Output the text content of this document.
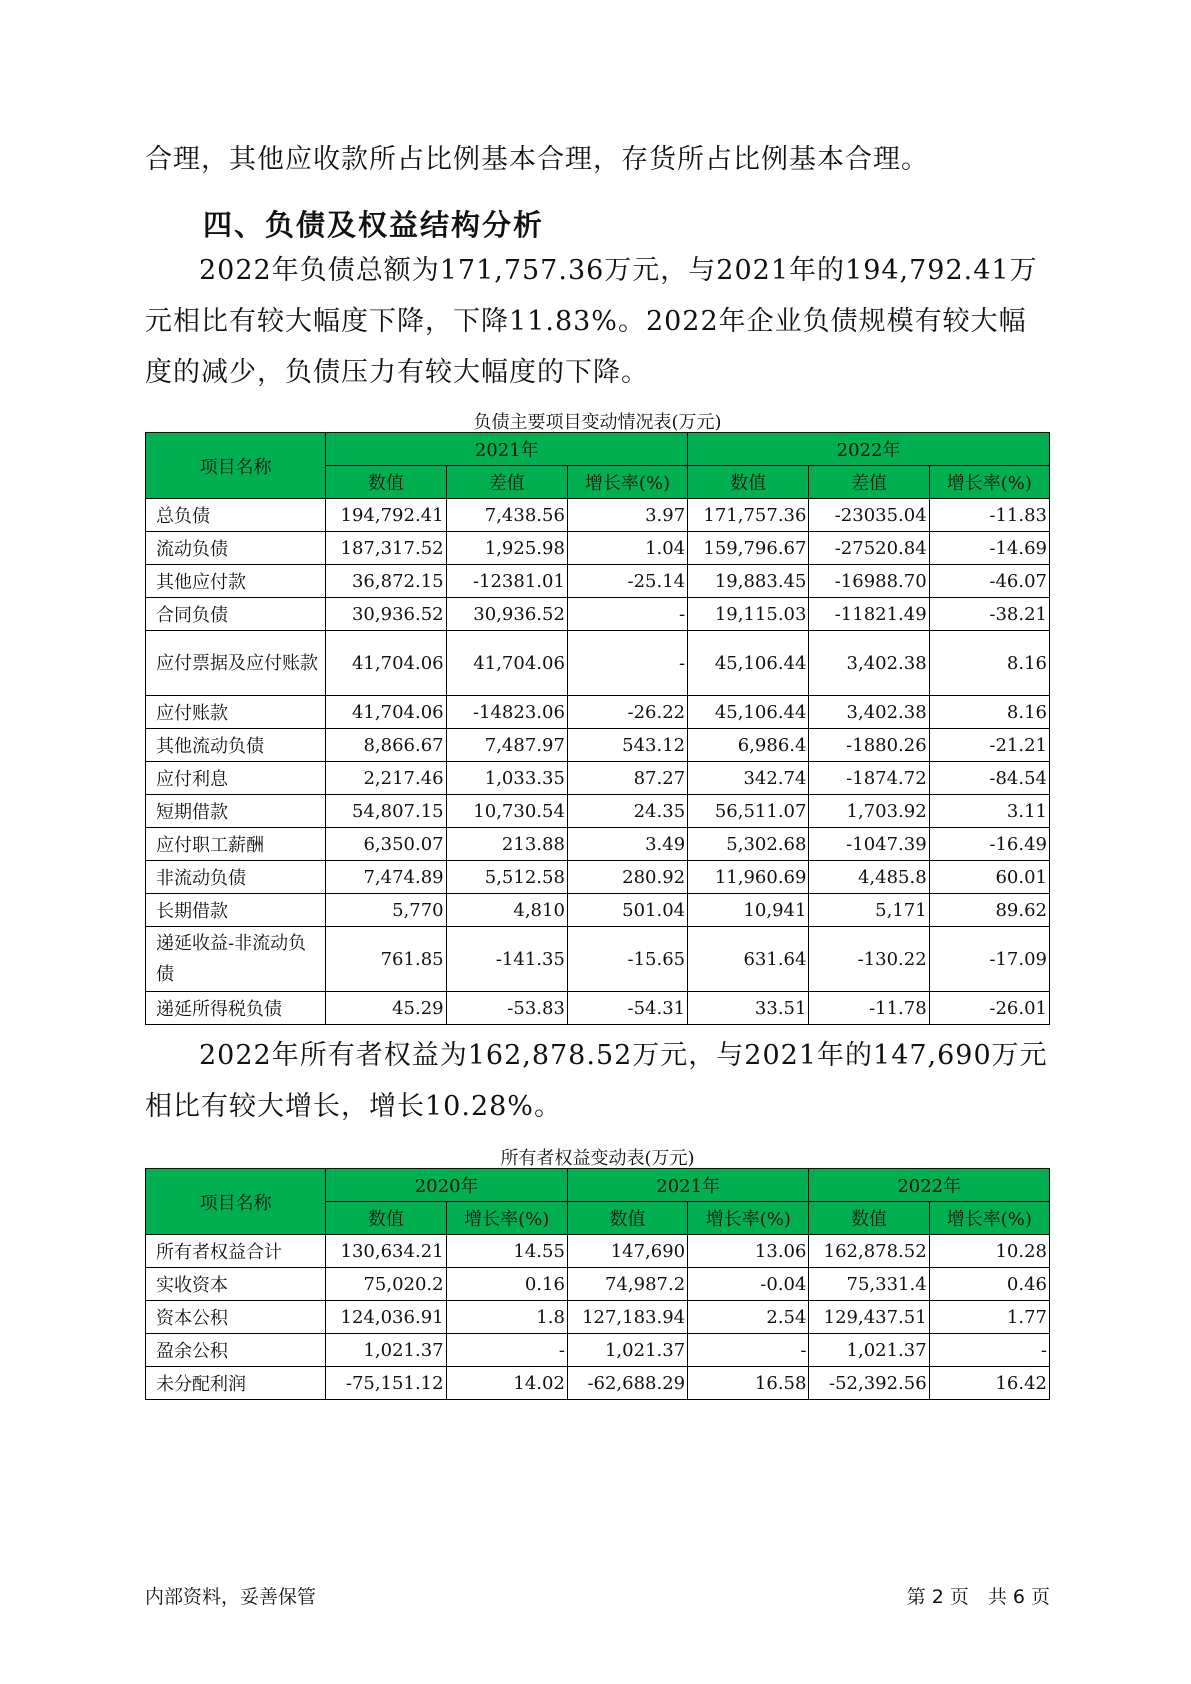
合理，其他应收款所占比例基本合理，存货所占比例基本合理。

四、负债及权益结构分析

2022年负债总额为171,757.36万元，与2021年的194,792.41万元相比有较大幅度下降，下降11.83%。2022年企业负债规模有较大幅度的减少，负债压力有较大幅度的下降。

负债主要项目变动情况表(万元)
项目名称	2021年			2022年		
	数值	差值	增长率(%)	数值	差值	增长率(%)
总负债	194,792.41	7,438.56	3.97	171,757.36	-23035.04	-11.83
流动负债	187,317.52	1,925.98	1.04	159,796.67	-27520.84	-14.69
其他应付款	36,872.15	-12381.01	-25.14	19,883.45	-16988.70	-46.07
合同负债	30,936.52	30,936.52	-	19,115.03	-11821.49	-38.21
应付票据及应付账款	41,704.06	41,704.06	-	45,106.44	3,402.38	8.16
应付账款	41,704.06	-14823.06	-26.22	45,106.44	3,402.38	8.16
其他流动负债	8,866.67	7,487.97	543.12	6,986.4	-1880.26	-21.21
应付利息	2,217.46	1,033.35	87.27	342.74	-1874.72	-84.54
短期借款	54,807.15	10,730.54	24.35	56,511.07	1,703.92	3.11
应付职工薪酬	6,350.07	213.88	3.49	5,302.68	-1047.39	-16.49
非流动负债	7,474.89	5,512.58	280.92	11,960.69	4,485.8	60.01
长期借款	5,770	4,810	501.04	10,941	5,171	89.62
递延收益-非流动负债	761.85	-141.35	-15.65	631.64	-130.22	-17.09
递延所得税负债	45.29	-53.83	-54.31	33.51	-11.78	-26.01

2022年所有者权益为162,878.52万元，与2021年的147,690万元相比有较大增长，增长10.28%。

所有者权益变动表(万元)
项目名称	2020年		2021年		2022年	
	数值	增长率(%)	数值	增长率(%)	数值	增长率(%)
所有者权益合计	130,634.21	14.55	147,690	13.06	162,878.52	10.28
实收资本	75,020.2	0.16	74,987.2	-0.04	75,331.4	0.46
资本公积	124,036.91	1.8	127,183.94	2.54	129,437.51	1.77
盈余公积	1,021.37	-	1,021.37	-	1,021.37	-
未分配利润	-75,151.12	14.02	-62,688.29	16.58	-52,392.56	16.42
内部资料，妥善保管	第 2 页　共 6 页
